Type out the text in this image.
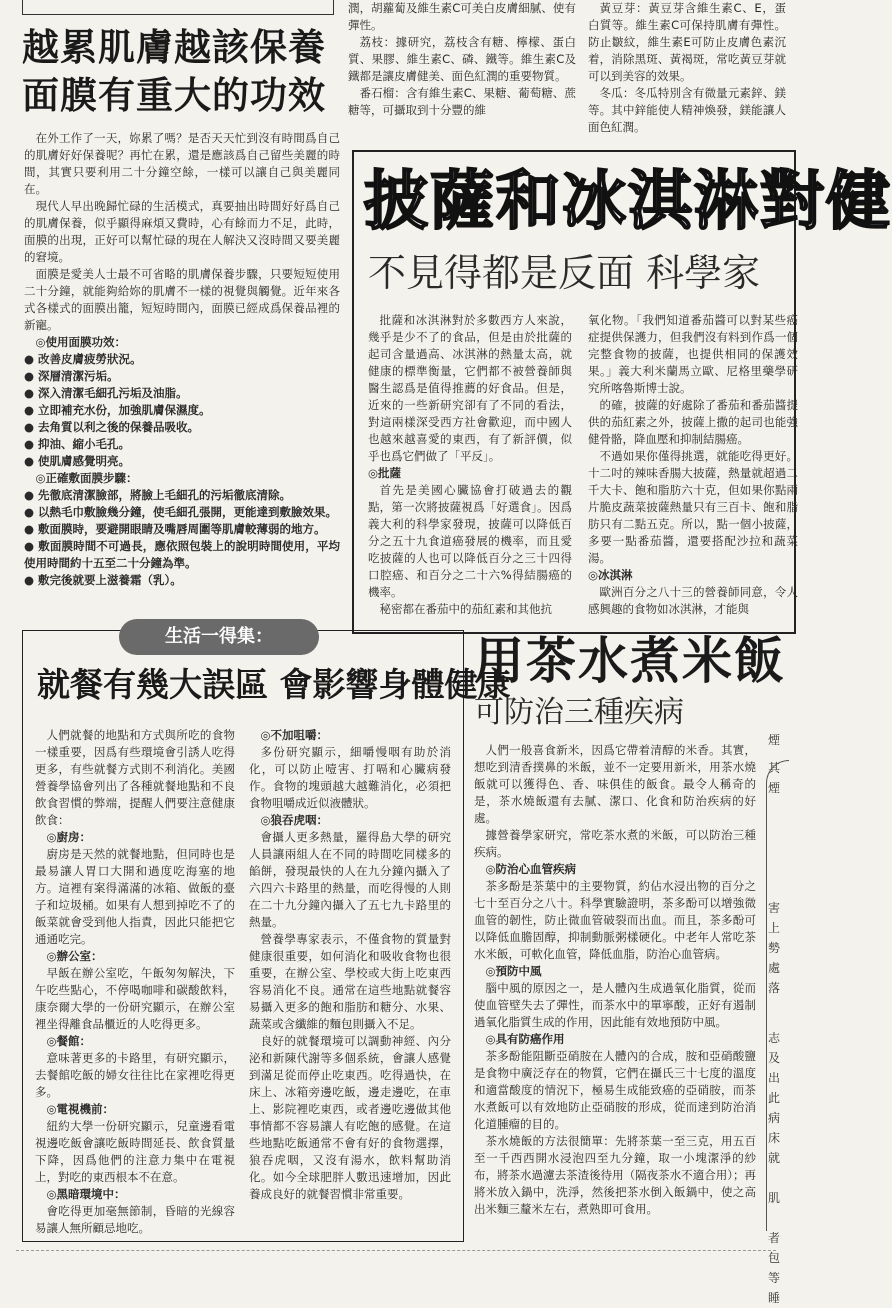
越累肌膚越該保養
面膜有重大的功效

在外工作了一天，妳累了嗎？是否天天忙到沒有時間爲自己的肌膚好好保養呢？再忙在累，還是應該爲自己留些美麗的時間，其實只要利用二十分鐘空餘，一樣可以讓自己與美麗同在。

現代人早出晚歸忙碌的生活模式，真要抽出時間好好爲自己的肌膚保養，似乎顯得麻煩又費時，心有餘而力不足，此時，面膜的出現，正好可以幫忙碌的現在人解決又沒時間又要美麗的窘境。

面膜是愛美人士最不可省略的肌膚保養步驟，只要短短使用二十分鐘，就能夠給妳的肌膚不一樣的視覺與觸覺。近年來各式各樣式的面膜出籠，短短時間內，面膜已經成爲保養品裡的新寵。

◎ 使用面膜功效：

● 改善皮膚疲勞狀況。

● 深層清潔污垢。

● 深入清潔毛細孔污垢及油脂。

● 立即補充水份，加強肌膚保濕度。

● 去角質以利之後的保養品吸收。

● 抑油、縮小毛孔。

● 使肌膚感覺明亮。

◎ 正確敷面膜步驟：

● 先徹底清潔臉部，將臉上毛細孔的污垢徹底清除。

● 以熱毛巾敷臉幾分鐘，使毛細孔張開，更能達到敷臉效果。

● 敷面膜時，要避開眼睛及嘴唇周圍等肌膚較薄弱的地方。

● 敷面膜時間不可過長，應依照包裝上的說明時間使用，平均使用時間約十五至二十分鐘為準。

● 敷完後就要上滋養霜（乳）。

潤，胡蘿蔔及維生素C可美白皮膚細膩、使有彈性。

荔枝：據研究，荔枝含有糖、檸檬、蛋白質、果膠、維生素C、磷、鐵等。維生素C及鐵都是讓皮膚健美、面色紅潤的重要物質。

番石榴：含有維生素C、果糖、葡萄糖、蔗糖等，可攝取到十分豐的維

黃豆芽：黃豆芽含維生素C、E，蛋白質等。維生素C可保持肌膚有彈性。防止皺紋，維生素E可防止皮膚色素沉着，消除黑斑、黃褐斑，常吃黃豆芽就可以到美容的效果。

冬瓜：冬瓜特別含有微量元素鋅、鎂等。其中鋅能使人精神煥發，鎂能讓人面色紅潤。

披薩和冰淇淋對健
不見得都是反面 科學家

批薩和冰淇淋對於多數西方人來說，幾乎是少不了的食品，但是由於批薩的起司含量過高、冰淇淋的熱量太高，就健康的標準衡量，它們都不被營養師與醫生認爲是值得推薦的好食品。但是，近來的一些新研究卻有了不同的看法，對這兩樣深受西方社會歡迎，而中國人也越來越喜愛的東西，有了新評價，似乎也爲它們做了「平反」。

◎ 批薩

首先是美國心臟協會打破過去的觀點，第一次將披薩視爲「好選食」。因爲義大利的科學家發現，披薩可以降低百分之五十九食道癌發展的機率，而且愛吃披薩的人也可以降低百分之三十四得口腔癌、和百分之二十六%得結腸癌的機率。

秘密都在番茄中的茄紅素和其他抗

氧化物。「我們知道番茄醬可以對某些癌症提供保護力，但我們沒有料到作爲一個完整食物的披薩，也提供相同的保護效果。」義大利米蘭馬立歐、尼格里藥學研究所喀魯斯博士說。

的確，披薩的好處除了番茄和番茄醬提供的茄紅素之外，披薩上撒的起司也能強健骨骼，降血壓和抑制結腸癌。

不過如果你僅得挑選，就能吃得更好。十二吋的辣味香腸大披薩，熱量就超過二千大卡、飽和脂肪六十克，但如果你點兩片脆皮蔬菜披薩熱量只有三百卡、飽和脂肪只有二點五克。所以，點一個小披薩，多要一點番茄醬，還要搭配沙拉和蔬菜湯。

◎ 冰淇淋

歐洲百分之八十三的營養師同意，令人感興趣的食物如冰淇淋，才能與

生活一得集：
就餐有幾大誤區 會影響身體健康

人們就餐的地點和方式與所吃的食物一樣重要，因爲有些環境會引誘人吃得更多，有些就餐方式則不利消化。美國營養學協會列出了各種就餐地點和不良飲食習慣的弊端，提醒人們要注意健康飲食：

◎ 廚房：

廚房是天然的就餐地點，但同時也是最易讓人胃口大開和過度吃海塞的地方。這裡有案得滿滿的冰箱、做飯的臺子和垃圾桶。如果有人想到掉吃不了的飯菜就會受到他人指責，因此只能把它通通吃完。

◎ 辦公室：

早飯在辦公室吃，午飯匆匆解決，下午吃些點心，不停喝咖啡和碳酸飲料，康奈爾大學的一份研究顯示，在辦公室裡坐得離食品櫃近的人吃得更多。

◎ 餐館：

意味著更多的卡路里，有研究顯示，去餐館吃飯的婦女往往比在家裡吃得更多。

◎ 電視機前：

紐約大學一份研究顯示，兒童邊看電視邊吃飯會讓吃飯時間延長、飲食質量下降，因爲他們的注意力集中在電視上，對吃的東西根本不在意。

◎ 黑暗環境中：

會吃得更加毫無節制，昏暗的光線容易讓人無所顧忌地吃。

◎ 不加咀嚼：

多份研究顯示，細嚼慢咽有助於消化，可以防止噎害、打嗝和心臟病發作。食物的塊頭越大越難消化，必須把食物咀嚼成近似液體狀。

◎ 狼吞虎咽：

會攝人更多熱量，羅得島大學的研究人員讓兩組人在不同的時間吃同樣多的餡餅，發現最快的人在九分鐘內攝入了六四六卡路里的熱量，而吃得慢的人則在二十九分鐘內攝入了五七九卡路里的熱量。

營養學專家表示，不僅食物的質量對健康很重要，如何消化和吸收食物也很重要，在辦公室、學校或大街上吃東西容易消化不良。通常在這些地點就餐容易攝入更多的飽和脂肪和糖分、水果、蔬菜或含纖維的麵包則攝入不足。

良好的就餐環境可以調動神經、內分泌和新陳代謝等多個系統，會讓人感覺到滿足從而停止吃東西。吃得過快，在床上、冰箱旁邊吃飯，邊走邊吃，在車上、影院裡吃東西，或者邊吃邊做其他事情都不容易讓人有吃飽的感覺。在這些地點吃飯通常不會有好的食物選擇，狼吞虎咽，又沒有湯水，飲料幫助消化。如今全球肥胖人數迅速增加，因此養成良好的就餐習慣非常重要。

用茶水煮米飯
可防治三種疾病

人們一般喜食新米，因爲它帶着清醇的米香。其實，想吃到清香撲鼻的米飯，並不一定要用新米，用茶水燒飯就可以獲得色、香、味俱佳的飯食。最令人稱奇的是，茶水燒飯還有去膩、潔口、化食和防治疾病的好處。

據營養學家研究，常吃茶水煮的米飯，可以防治三種疾病。

◎ 防治心血管疾病

茶多酚是茶葉中的主要物質，約佔水浸出物的百分之七十至百分之八十。科學實驗證明，茶多酚可以增強微血管的韌性，防止微血管破裂而出血。而且，茶多酚可以降低血膽固醇，抑制動脈粥樣硬化。中老年人常吃茶水米飯，可軟化血管，降低血脂，防治心血管病。

◎ 預防中風

腦中風的原因之一，是人體內生成過氧化脂質，從而使血管壁失去了彈性，而茶水中的單寧酸，正好有遏制過氧化脂質生成的作用，因此能有效地預防中風。

◎ 具有防癌作用

茶多酚能阻斷亞硝胺在人體內的合成，胺和亞硝酸鹽是食物中廣泛存在的物質，它們在攝氏三十七度的溫度和適當酸度的情況下，極易生成能致癌的亞硝胺，而茶水煮飯可以有效地防止亞硝胺的形成，從而達到防治消化道腫瘤的目的。

茶水燒飯的方法很簡單：先將茶葉一至三克，用五百至一千西西開水浸泡四至九分鐘，取一小塊潔淨的紗布，將茶水過濾去茶渣後待用（隔夜茶水不適合用）；再將米放入鍋中，洗淨，然後把茶水倒入飯鍋中，使之高出米麵三釐米左右，煮熟即可食用。

煙
其
煙
害
上
勢
處
落
志
及
出
此
病
床
就
肌
者
包
等
睡
